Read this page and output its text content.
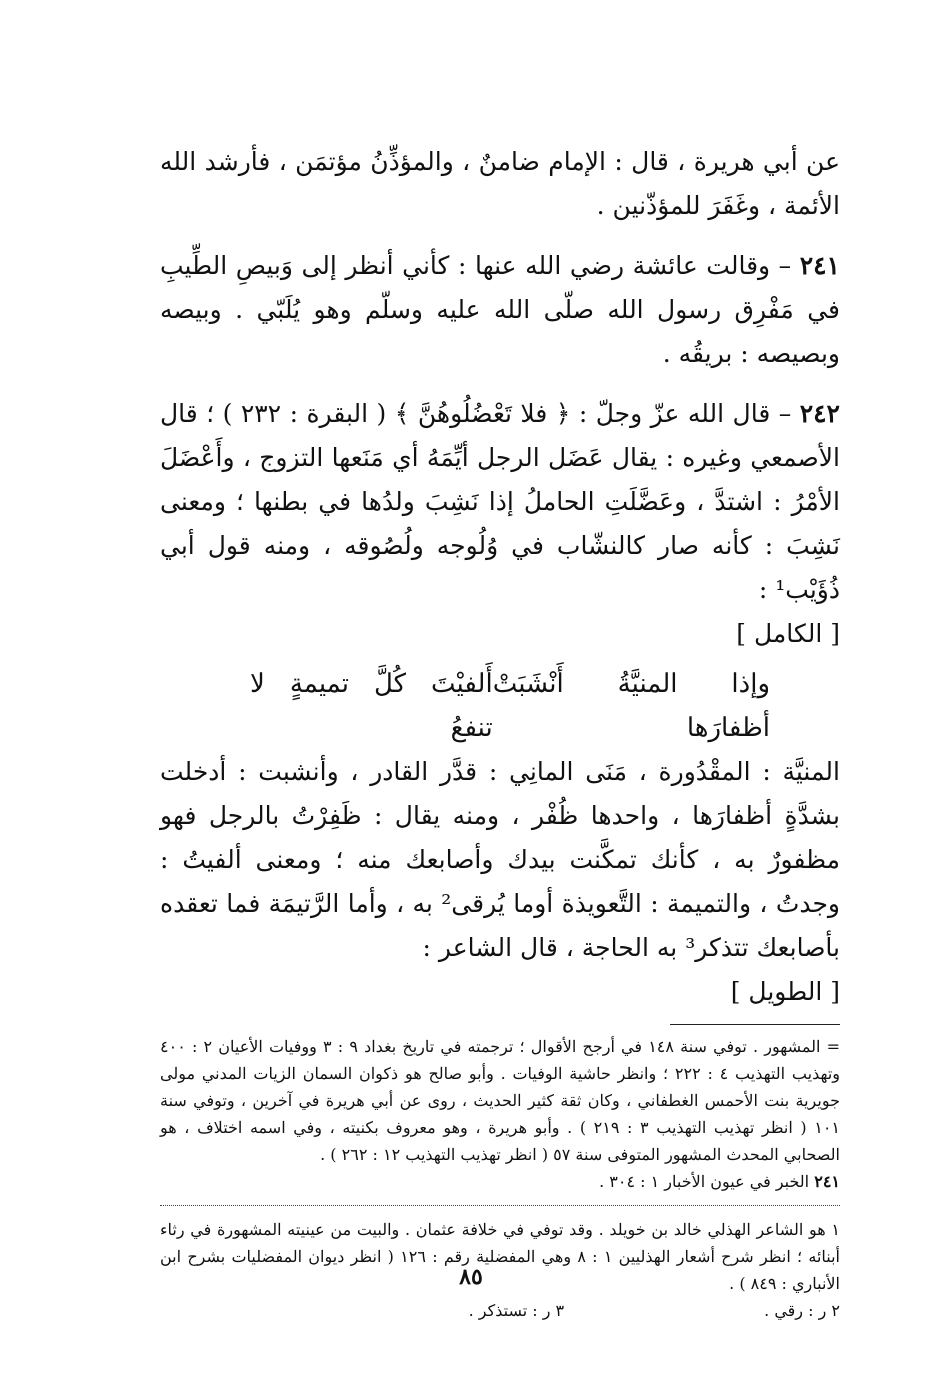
عن أبي هريرة ، قال : الإمام ضامنٌ ، والمؤذِّنُ مؤتمَن ، فأرشد الله الأئمة ، وغَفَرَ للمؤذّنين .

٢٤١ – وقالت عائشة رضي الله عنها : كأني أنظر إلى وَبيصِ الطِّيبِ في مَفْرِق رسول الله صلّى الله عليه وسلّم وهو يُلَبّي . وبيصه وبصيصه : بريقُه .

٢٤٢ – قال الله عزّ وجلّ : ﴿ فلا تَعْضُلُوهُنَّ ﴾ ( البقرة : ٢٣٢ ) ؛ قال الأصمعي وغيره : يقال عَضَل الرجل أيِّمَهُ أي مَنَعها التزوج ، وأَعْضَلَ الأمْرُ : اشتدَّ ، وعَضَّلَتِ الحاملُ إذا نَشِبَ ولدُها في بطنها ؛ ومعنى نَشِبَ : كأنه صار كالنشّاب في وُلُوجه ولُصُوقه ، ومنه قول أبي ذُؤَيْب¹ :

[ الكامل ]

وإذا المنيَّةُ أَنْشَبَتْ أظفارَها
أَلفيْتَ كُلَّ تميمةٍ لا تنفعُ

المنيَّة : المقْدُورة ، مَنَى المانِي : قدَّر القادر ، وأنشبت : أدخلت بشدَّةٍ أظفارَها ، واحدها ظُفْر ، ومنه يقال : ظَفِرْتُ بالرجل فهو مظفورٌ به ، كأنك تمكَّنت بيدك وأصابعك منه ؛ ومعنى ألفيتُ : وجدتُ ، والتميمة : التَّعويذة أوما يُرقى² به ، وأما الرَّتيمَة فما تعقده بأصابعك تتذكر³ به الحاجة ، قال الشاعر :

[ الطويل ]

= المشهور . توفي سنة ١٤٨ في أرجح الأقوال ؛ ترجمته في تاريخ بغداد ٩ : ٣ ووفيات الأعيان ٢ : ٤٠٠ وتهذيب التهذيب ٤ : ٢٢٢ ؛ وانظر حاشية الوفيات . وأبو صالح هو ذكوان السمان الزيات المدني مولى جويرية بنت الأحمس الغطفاني ، وكان ثقة كثير الحديث ، روى عن أبي هريرة في آخرين ، وتوفي سنة ١٠١ ( انظر تهذيب التهذيب ٣ : ٢١٩ ) . وأبو هريرة ، وهو معروف بكنيته ، وفي اسمه اختلاف ، هو الصحابي المحدث المشهور المتوفى سنة ٥٧ ( انظر تهذيب التهذيب ١٢ : ٢٦٢ ) .

٢٤١ الخبر في عيون الأخبار ١ : ٣٠٤ .

١ هو الشاعر الهذلي خالد بن خويلد . وقد توفي في خلافة عثمان . والبيت من عينيته المشهورة في رثاء أبنائه ؛ انظر شرح أشعار الهذليين ١ : ٨ وهي المفضلية رقم : ١٢٦ ( انظر ديوان المفضليات بشرح ابن الأنباري : ٨٤٩ ) .

٢ ر : رقي .
٣ ر : تستذكر .
٨٥
